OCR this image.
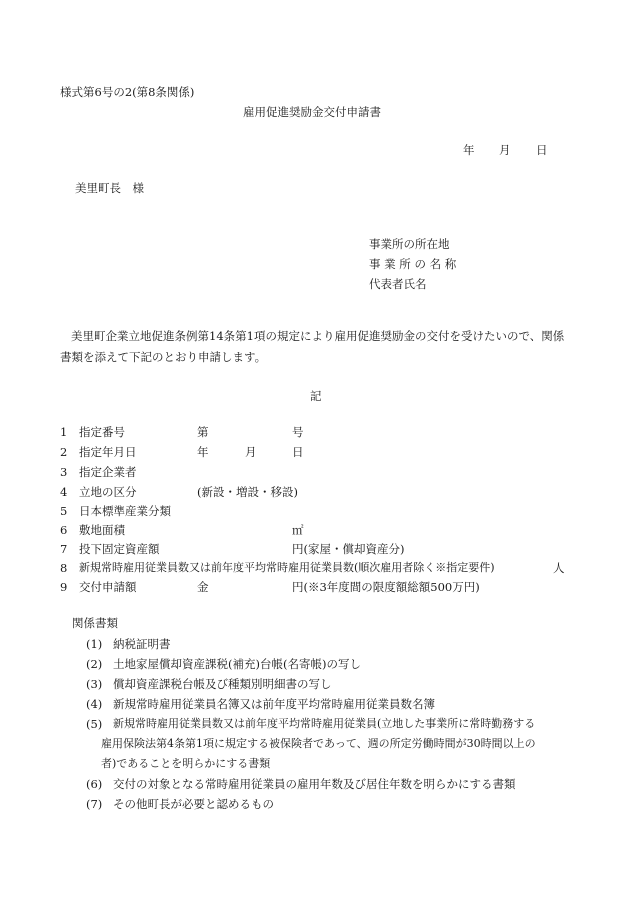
様式第6号の2(第8条関係)
雇用促進奨励金交付申請書
年 月 日
美里町長　様
事業所の所在地
事 業 所 の 名 称
代表者氏名
美里町企業立地促進条例第14条第1項の規定により雇用促進奨励金の交付を受けたいので、関係書類を添えて下記のとおり申請します。
記
1 指定番号	第	号
2 指定年月日	年	月	日
3 指定企業者
4 立地の区分	(新設・増設・移設)
5 日本標準産業分類
6 敷地面積	㎡
7 投下固定資産額	円(家屋・償却資産分)
8 新規常時雇用従業員数又は前年度平均常時雇用従業員数(順次雇用者除く※指定要件)	人
9 交付申請額	金	円(※3年度間の限度額総額500万円)
関係書類
(1) 納税証明書
(2) 土地家屋償却資産課税(補充)台帳(名寄帳)の写し
(3) 償却資産課税台帳及び種類別明細書の写し
(4) 新規常時雇用従業員名簿又は前年度平均常時雇用従業員数名簿
(5) 新規常時雇用従業員数又は前年度平均常時雇用従業員(立地した事業所に常時勤務する
雇用保険法第4条第1項に規定する被保険者であって、週の所定労働時間が30時間以上の
者)であることを明らかにする書類
(6) 交付の対象となる常時雇用従業員の雇用年数及び居住年数を明らかにする書類
(7) その他町長が必要と認めるもの
